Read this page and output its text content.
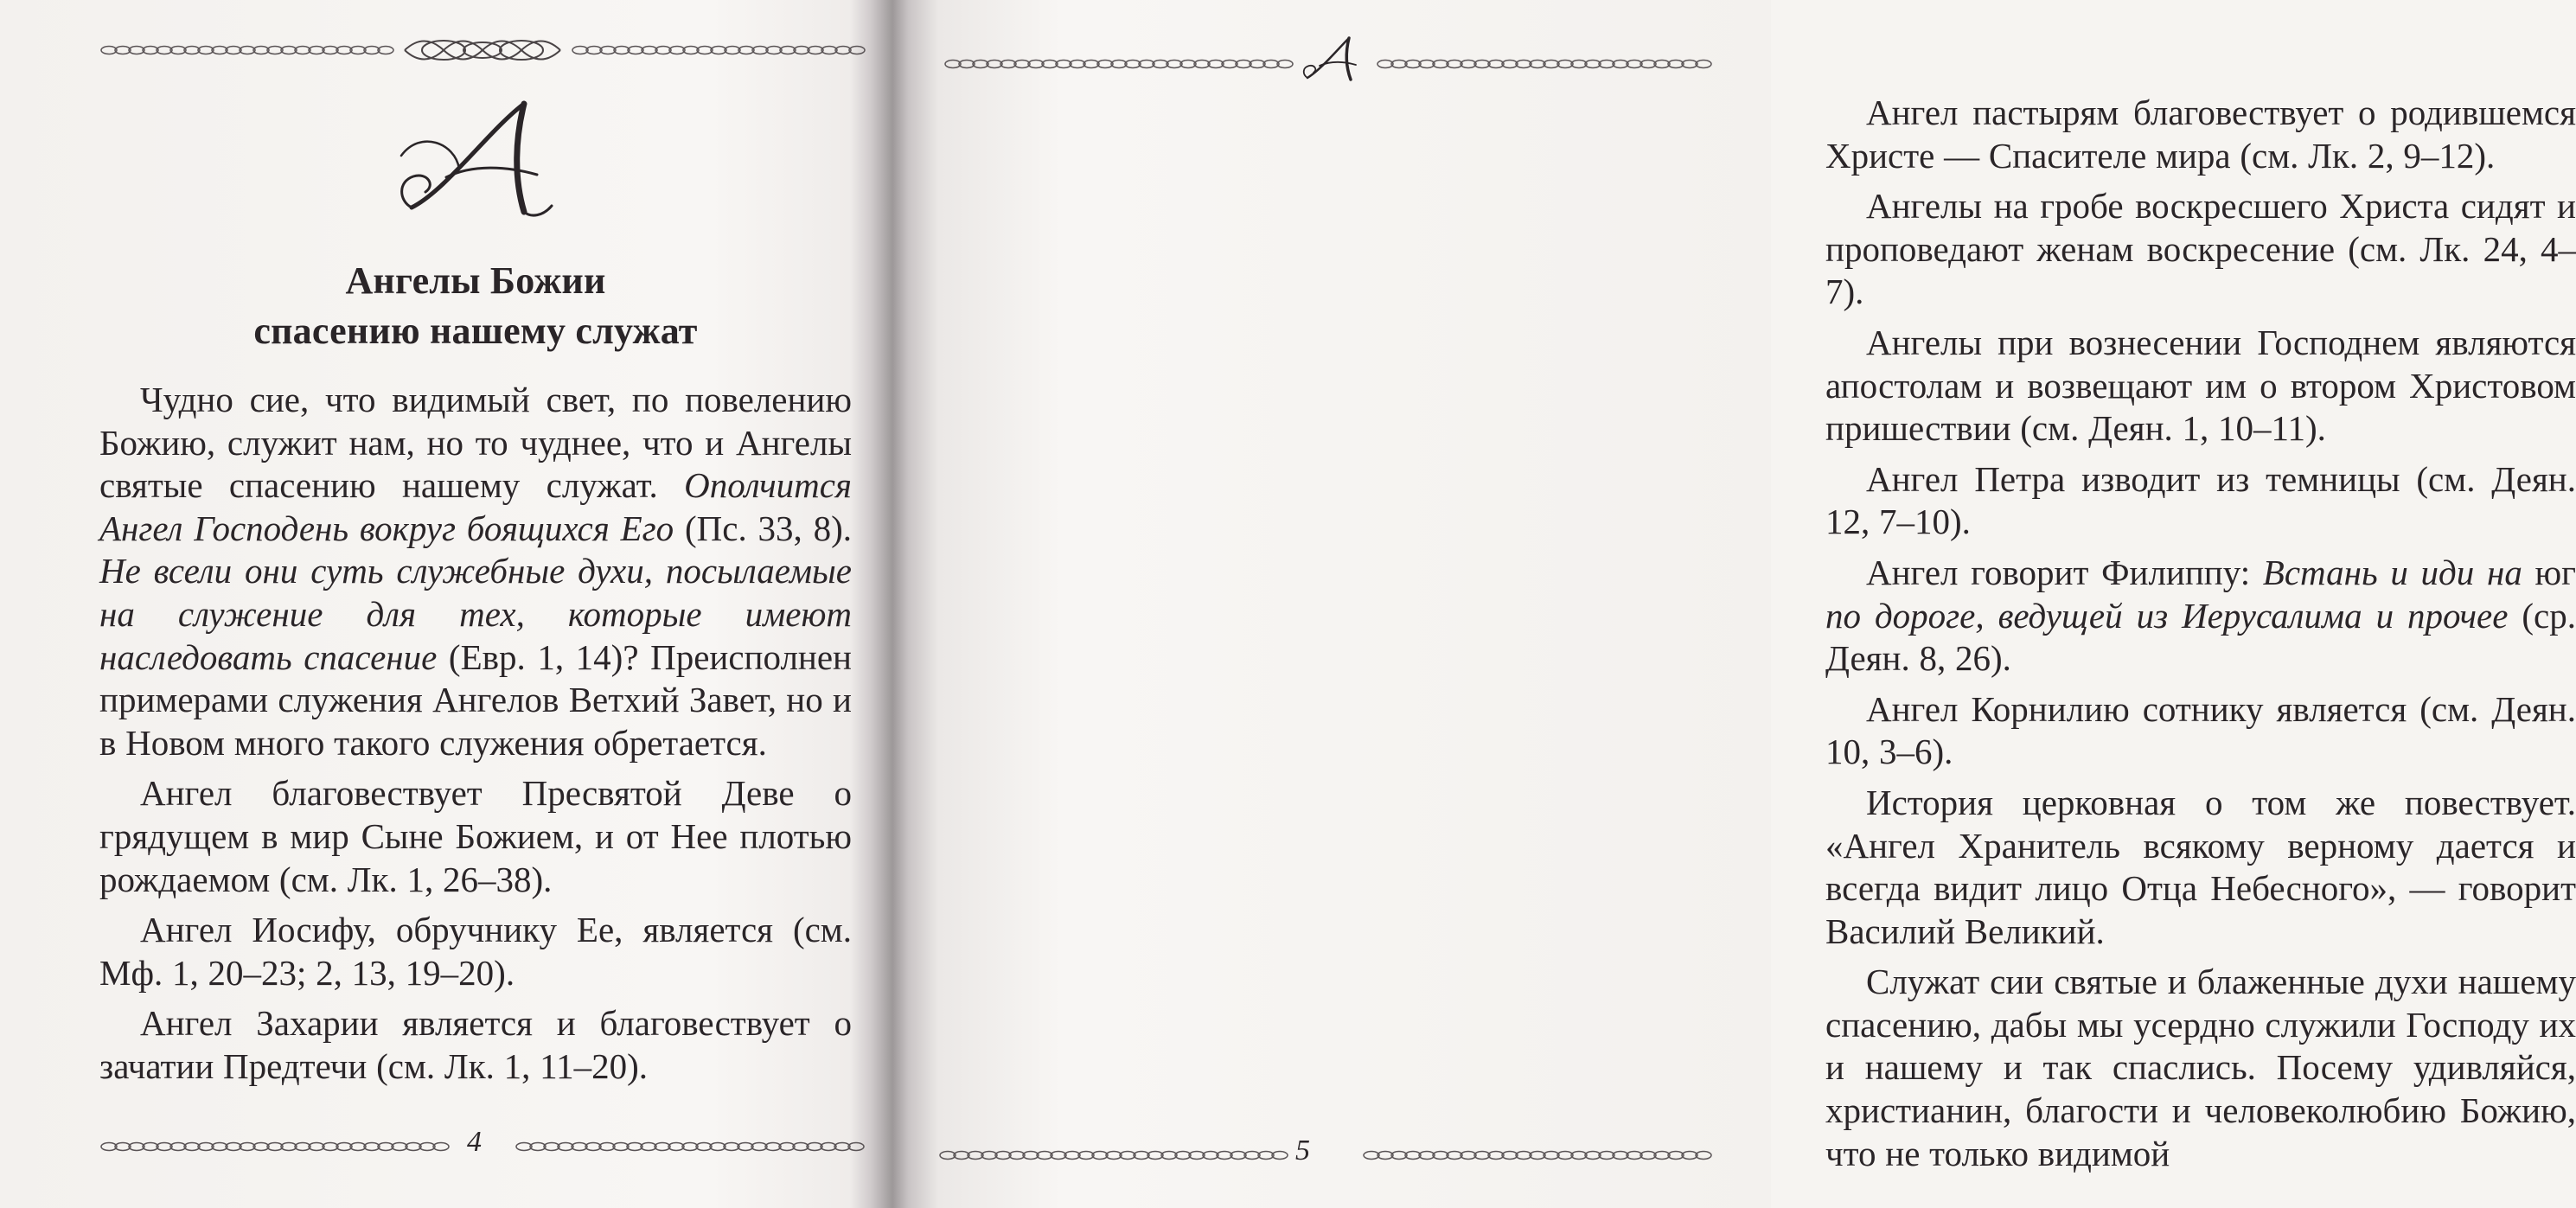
Ангелы Божии
спасению нашему служат

Чудно сие, что видимый свет, по повелению Божию, служит нам, но то чуднее, что и Ангелы святые спасению нашему служат. Ополчится Ангел Господень вокруг боящихся Его (Пс. 33, 8). Не всели они суть служебные духи, посылаемые на служение для тех, которые имеют наследовать спасение (Евр. 1, 14)? Преисполнен примерами служения Ангелов Ветхий Завет, но и в Новом много такого служения обретается.

Ангел благовествует Пресвятой Деве о грядущем в мир Сыне Божием, и от Нее плотью рождаемом (см. Лк. 1, 26–38).

Ангел Иосифу, обручнику Ее, является (см. Мф. 1, 20–23; 2, 13, 19–20).

Ангел Захарии является и благовествует о зачатии Предтечи (см. Лк. 1, 11–20).

4

Ангел пастырям благовествует о родившемся Христе — Спасителе мира (см. Лк. 2, 9–12).

Ангелы на гробе воскресшего Христа сидят и проповедают женам воскресение (см. Лк. 24, 4–7).

Ангелы при вознесении Господнем являются апостолам и возвещают им о втором Христовом пришествии (см. Деян. 1, 10–11).

Ангел Петра изводит из темницы (см. Деян. 12, 7–10).

Ангел говорит Филиппу: Встань и иди на юг по дороге, ведущей из Иерусалима и прочее (ср. Деян. 8, 26).

Ангел Корнилию сотнику является (см. Деян. 10, 3–6).

История церковная о том же повествует. «Ангел Хранитель всякому верному дается и всегда видит лицо Отца Небесного», — говорит Василий Великий.

Служат сии святые и блаженные духи нашему спасению, дабы мы усердно служили Господу их и нашему и так спаслись. Посему удивляйся, христианин, благости и человеколюбию Божию, что не только видимой

5
